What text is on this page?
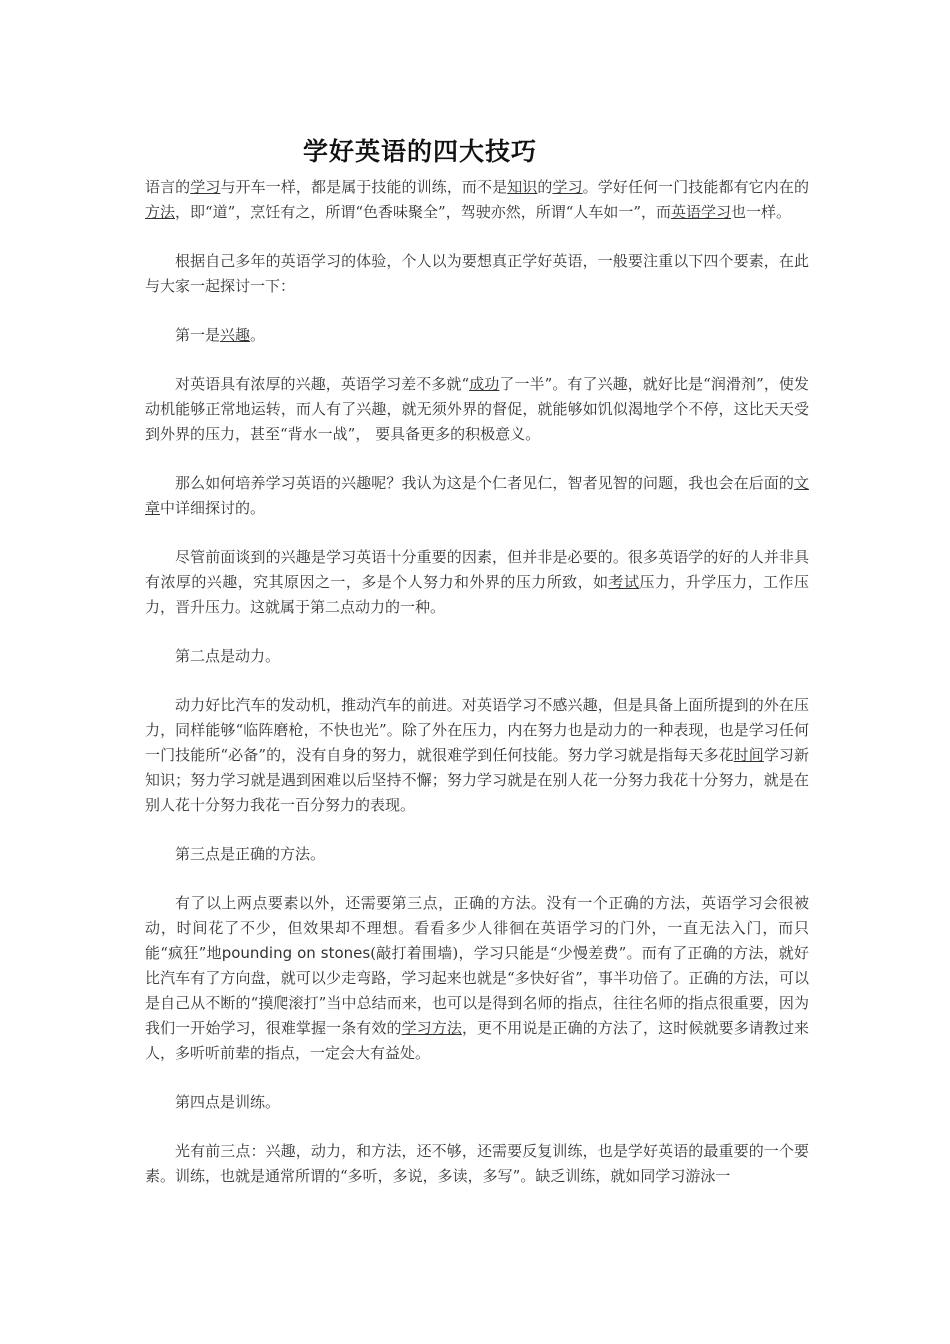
学好英语的四大技巧

语言的学习与开车一样，都是属于技能的训练，而不是知识的学习。学好任何一门技能都有它内在的方法，即“道”，烹饪有之，所谓“色香味聚全”，驾驶亦然，所谓“人车如一”，而英语学习也一样。

根据自己多年的英语学习的体验，个人以为要想真正学好英语，一般要注重以下四个要素，在此与大家一起探讨一下：

第一是兴趣。

对英语具有浓厚的兴趣，英语学习差不多就“成功了一半”。有了兴趣，就好比是“润滑剂”，使发动机能够正常地运转，而人有了兴趣，就无须外界的督促，就能够如饥似渴地学个不停，这比天天受到外界的压力，甚至“背水一战”， 要具备更多的积极意义。

那么如何培养学习英语的兴趣呢？我认为这是个仁者见仁，智者见智的问题，我也会在后面的文章中详细探讨的。

尽管前面谈到的兴趣是学习英语十分重要的因素，但并非是必要的。很多英语学的好的人并非具有浓厚的兴趣，究其原因之一，多是个人努力和外界的压力所致，如考试压力，升学压力，工作压力，晋升压力。这就属于第二点动力的一种。

第二点是动力。

动力好比汽车的发动机，推动汽车的前进。对英语学习不感兴趣，但是具备上面所提到的外在压力，同样能够“临阵磨枪，不快也光”。除了外在压力，内在努力也是动力的一种表现，也是学习任何一门技能所“必备”的，没有自身的努力，就很难学到任何技能。努力学习就是指每天多花时间学习新知识；努力学习就是遇到困难以后坚持不懈；努力学习就是在别人花一分努力我花十分努力，就是在别人花十分努力我花一百分努力的表现。

第三点是正确的方法。

有了以上两点要素以外，还需要第三点，正确的方法。没有一个正确的方法，英语学习会很被动，时间花了不少，但效果却不理想。看看多少人徘徊在英语学习的门外，一直无法入门，而只能“疯狂”地pounding on stones(敲打着围墙)，学习只能是“少慢差费”。而有了正确的方法，就好比汽车有了方向盘，就可以少走弯路，学习起来也就是“多快好省”，事半功倍了。正确的方法，可以是自己从不断的“摸爬滚打”当中总结而来，也可以是得到名师的指点，往往名师的指点很重要，因为我们一开始学习，很难掌握一条有效的学习方法，更不用说是正确的方法了，这时候就要多请教过来人，多听听前辈的指点，一定会大有益处。

第四点是训练。

光有前三点：兴趣，动力，和方法，还不够，还需要反复训练，也是学好英语的最重要的一个要素。训练，也就是通常所谓的“多听，多说，多读，多写”。缺乏训练，就如同学习游泳一
